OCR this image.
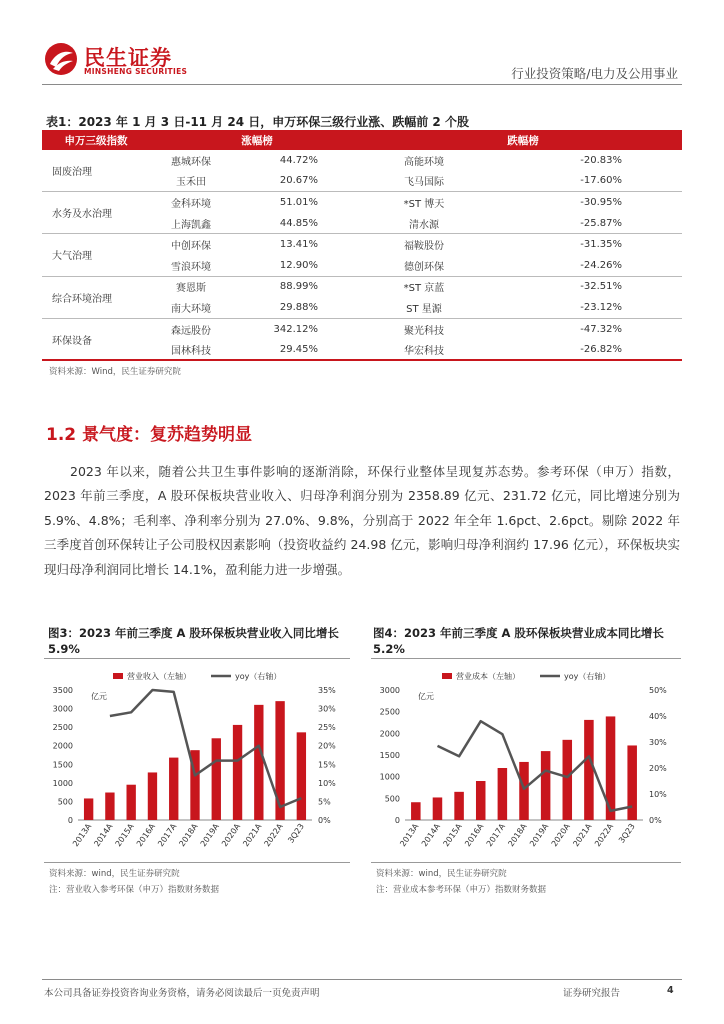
民生证券
MINSHENG SECURITIES	行业投资策略/电力及公用事业
表1：2023 年 1 月 3 日-11 月 24 日，申万环保三级行业涨、跌幅前 2 个股
申万三级指数	涨幅榜		跌幅榜	
固废治理	惠城环保	44.72%	高能环境	-20.83%
	玉禾田	20.67%	飞马国际	-17.60%
水务及水治理	金科环境	51.01%	*ST 博天	-30.95%
	上海凯鑫	44.85%	清水源	-25.87%
大气治理	中创环保	13.41%	福鞍股份	-31.35%
	雪浪环境	12.90%	德创环保	-24.26%
综合环境治理	赛恩斯	88.99%	*ST 京蓝	-32.51%
	南大环境	29.88%	ST 星源	-23.12%
环保设备	森远股份	342.12%	聚光科技	-47.32%
	国林科技	29.45%	华宏科技	-26.82%
资料来源：Wind，民生证券研究院
1.2 景气度：复苏趋势明显
2023 年以来，随着公共卫生事件影响的逐渐消除，环保行业整体呈现复苏态势。参考环保（申万）指数，2023 年前三季度，A 股环保板块营业收入、归母净利润分别为 2358.89 亿元、231.72 亿元，同比增速分别为 5.9%、4.8%；毛利率、净利率分别为 27.0%、9.8%，分别高于 2022 年全年 1.6pct、2.6pct。剔除 2022 年三季度首创环保转让子公司股权因素影响（投资收益约 24.98 亿元，影响归母净利润约 17.96 亿元），环保板块实现归母净利润同比增长 14.1%，盈利能力进一步增强。
图3：2023 年前三季度 A 股环保板块营业收入同比增长 5.9%
图4：2023 年前三季度 A 股环保板块营业成本同比增长 5.2%
营业收入（左轴）	yoy（右轴）
亿元
0
500
1000
1500
2000
2500
3000
3500
0%
5%
10%
15%
20%
25%
30%
35%
2013A 2014A 2015A 2016A 2017A 2018A 2019A 2020A 2021A 2022A 3Q23
营业成本（左轴）	yoy（右轴）
亿元
0
500
1000
1500
2000
2500
3000
0%
10%
20%
30%
40%
50%
2013A 2014A 2015A 2016A 2017A 2018A 2019A 2020A 2021A 2022A 3Q23
资料来源：wind，民生证券研究院
注：营业收入参考环保（申万）指数财务数据
资料来源：wind，民生证券研究院
注：营业成本参考环保（申万）指数财务数据
本公司具备证券投资咨询业务资格，请务必阅读最后一页免责声明	证券研究报告	4
